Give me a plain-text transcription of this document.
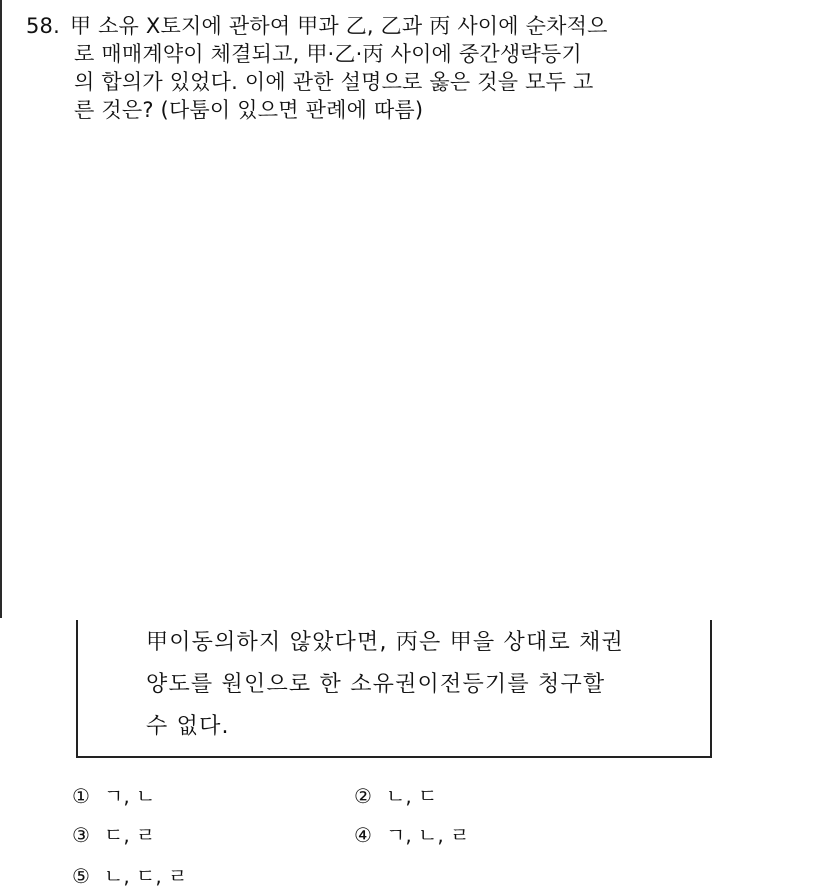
58. 甲 소유 X토지에 관하여 甲과 乙, 乙과 丙 사이에 순차적으
로 매매계약이 체결되고, 甲·乙·丙 사이에 중간생략등기
의 합의가 있었다. 이에 관한 설명으로 옳은 것을 모두 고
른 것은? (다툼이 있으면 판례에 따름)
甲이동의하지 않았다면, 丙은 甲을 상대로 채권
양도를 원인으로 한 소유권이전등기를 청구할
수 없다.
① ㄱ, ㄴ	② ㄴ, ㄷ
③ ㄷ, ㄹ	④ ㄱ, ㄴ, ㄹ
⑤ ㄴ, ㄷ, ㄹ
